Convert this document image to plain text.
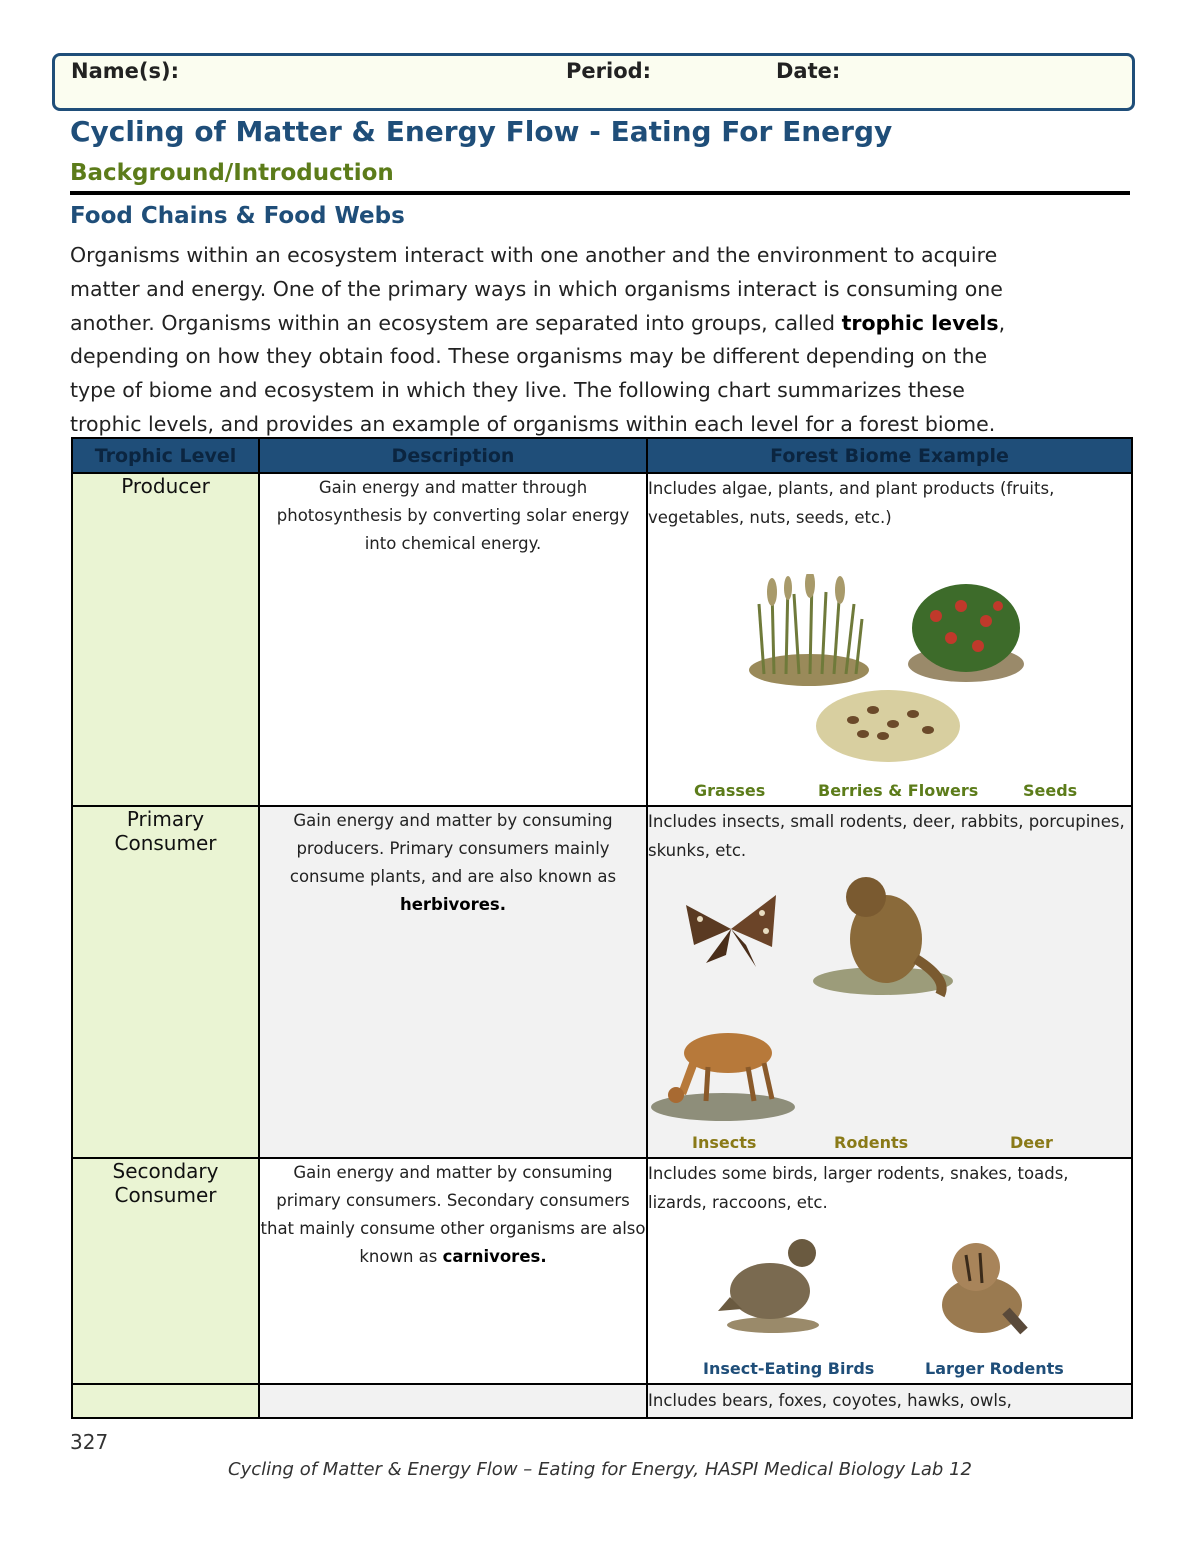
Name(s):	Period:	Date:
Cycling of Matter & Energy Flow - Eating For Energy
Background/Introduction
Food Chains & Food Webs
Organisms within an ecosystem interact with one another and the environment to acquire
matter and energy. One of the primary ways in which organisms interact is consuming one
another. Organisms within an ecosystem are separated into groups, called trophic levels,
depending on how they obtain food. These organisms may be different depending on the
type of biome and ecosystem in which they live. The following chart summarizes these
trophic levels, and provides an example of organisms within each level for a forest biome.
Trophic Level	Description	Forest Biome Example
Producer	Gain energy and matter through photosynthesis by converting solar energy into chemical energy.	Includes algae, plants, and plant products (fruits, vegetables, nuts, seeds, etc.)
Grasses Berries & Flowers Seeds

Primary
Consumer	Gain energy and matter by consuming producers. Primary consumers mainly consume plants, and are also known as herbivores.	Includes insects, small rodents, deer, rabbits, porcupines, skunks, etc.
Insects Rodents Deer

Secondary
Consumer	Gain energy and matter by consuming primary consumers. Secondary consumers that mainly consume other organisms are also known as carnivores.	Includes some birds, larger rodents, snakes, toads, lizards, raccoons, etc.
Insect-Eating Birds Larger Rodents

		Includes bears, foxes, coyotes, hawks, owls,
327
Cycling of Matter & Energy Flow – Eating for Energy, HASPI Medical Biology Lab 12
